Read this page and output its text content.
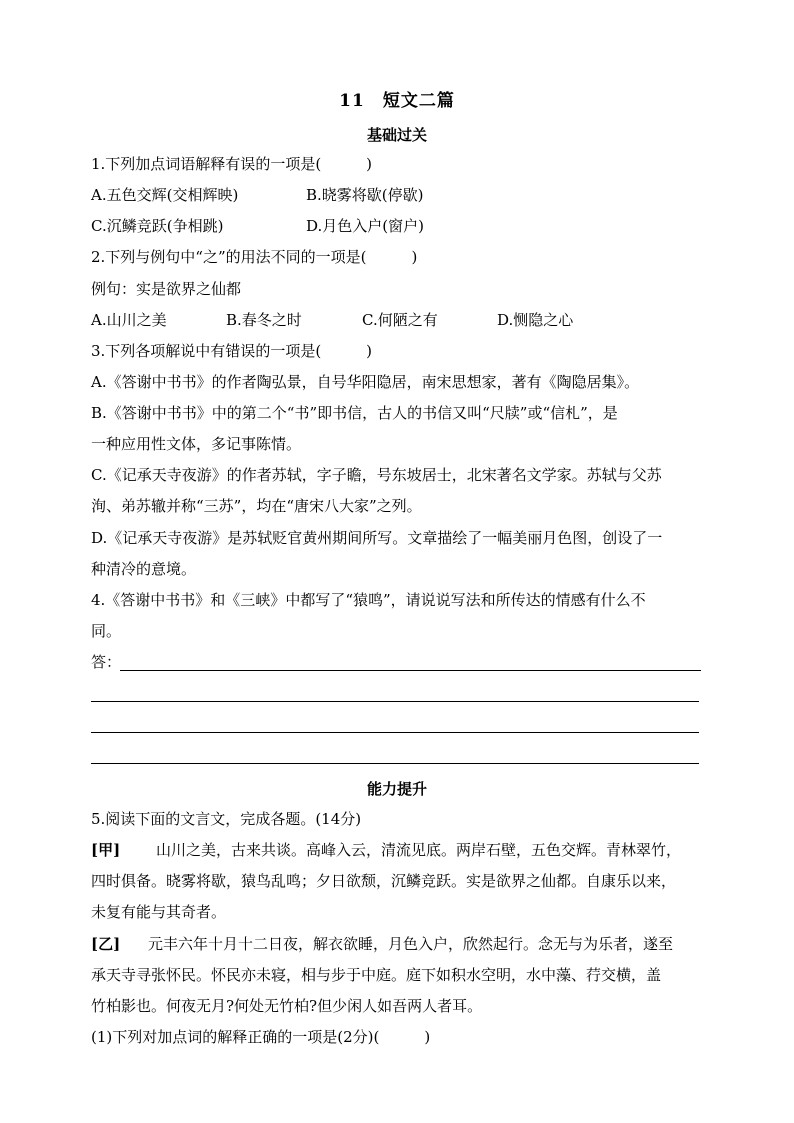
11　短文二篇
基础过关
1.下列加点词语解释有误的一项是(　　　)
A.五色交辉(交相辉映)	B.晓雾将歇(停歇)
C.沉鳞竞跃(争相跳)	D.月色入户(窗户)
2.下列与例句中“之”的用法不同的一项是(　　　)
例句：实是欲界之仙都
A.山川之美	B.春冬之时	C.何陋之有	D.恻隐之心
3.下列各项解说中有错误的一项是(　　　)
A.《答谢中书书》的作者陶弘景，自号华阳隐居，南宋思想家，著有《陶隐居集》。
B.《答谢中书书》中的第二个“书”即书信，古人的书信又叫“尺牍”或“信札”，是
一种应用性文体，多记事陈情。
C.《记承天寺夜游》的作者苏轼，字子瞻，号东坡居士，北宋著名文学家。苏轼与父苏
洵、弟苏辙并称“三苏”，均在“唐宋八大家”之列。
D.《记承天寺夜游》是苏轼贬官黄州期间所写。文章描绘了一幅美丽月色图，创设了一
种清冷的意境。
4.《答谢中书书》和《三峡》中都写了“猿鸣”，请说说写法和所传达的情感有什么不
同。
答：
能力提升
5.阅读下面的文言文，完成各题。(14分)
[甲] 山川之美，古来共谈。高峰入云，清流见底。两岸石壁，五色交辉。青林翠竹，
四时俱备。晓雾将歇，猿鸟乱鸣；夕日欲颓，沉鳞竞跃。实是欲界之仙都。自康乐以来，
未复有能与其奇者。
[乙] 元丰六年十月十二日夜，解衣欲睡，月色入户，欣然起行。念无与为乐者，遂至
承天寺寻张怀民。怀民亦未寝，相与步于中庭。庭下如积水空明，水中藻、荇交横，盖
竹柏影也。何夜无月?何处无竹柏?但少闲人如吾两人者耳。
(1)下列对加点词的解释正确的一项是(2分)(　　　)
